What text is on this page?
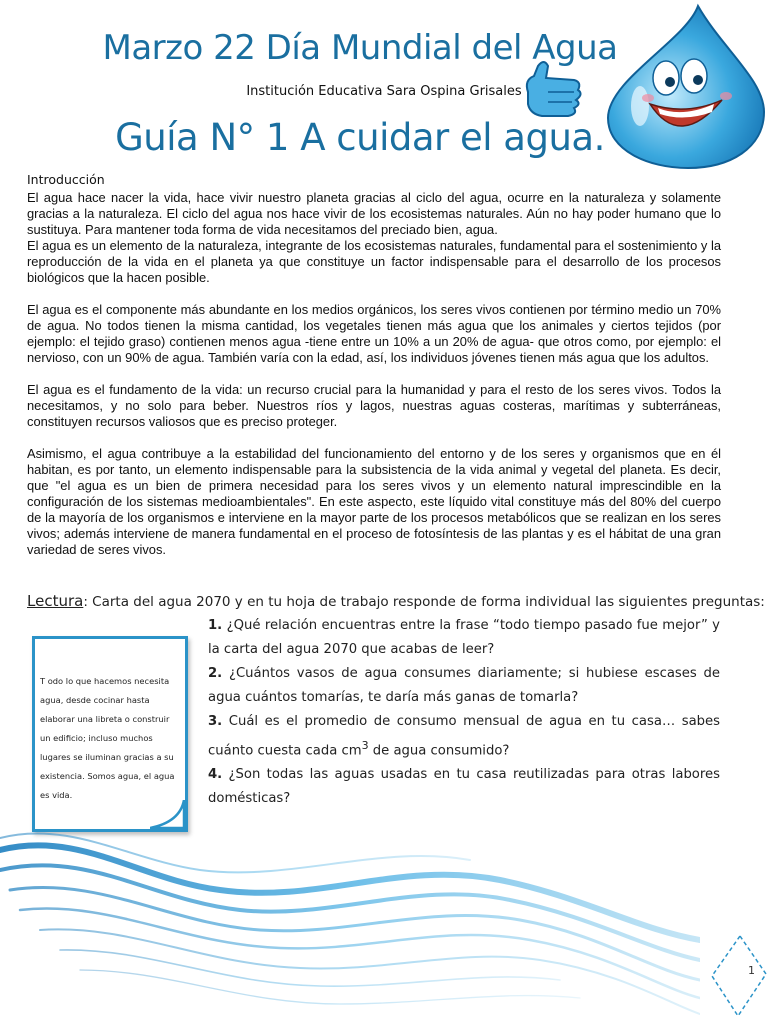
Marzo 22 Día Mundial del Agua
Institución Educativa Sara Ospina Grisales
Guía N° 1 A cuidar el agua.
Introducción

El agua hace nacer la vida, hace vivir nuestro planeta gracias al ciclo del agua, ocurre en la naturaleza y solamente gracias a la naturaleza. El ciclo del agua nos hace vivir de los ecosistemas naturales. Aún no hay poder humano que lo sustituya. Para mantener toda forma de vida necesitamos del preciado bien, agua.

El agua es un elemento de la naturaleza, integrante de los ecosistemas naturales, fundamental para el sostenimiento y la reproducción de la vida en el planeta ya que constituye un factor indispensable para el desarrollo de los procesos biológicos que la hacen posible.

El agua es el componente más abundante en los medios orgánicos, los seres vivos contienen por término medio un 70% de agua. No todos tienen la misma cantidad, los vegetales tienen más agua que los animales y ciertos tejidos (por ejemplo: el tejido graso) contienen menos agua -tiene entre un 10% a un 20% de agua- que otros como, por ejemplo: el nervioso, con un 90% de agua. También varía con la edad, así, los individuos jóvenes tienen más agua que los adultos.

El agua es el fundamento de la vida: un recurso crucial para la humanidad y para el resto de los seres vivos. Todos la necesitamos, y no solo para beber. Nuestros ríos y lagos, nuestras aguas costeras, marítimas y subterráneas, constituyen recursos valiosos que es preciso proteger.

Asimismo, el agua contribuye a la estabilidad del funcionamiento del entorno y de los seres y organismos que en él habitan, es por tanto, un elemento indispensable para la subsistencia de la vida animal y vegetal del planeta. Es decir, que "el agua es un bien de primera necesidad para los seres vivos y un elemento natural imprescindible en la configuración de los sistemas medioambientales". En este aspecto, este líquido vital constituye más del 80% del cuerpo de la mayoría de los organismos e interviene en la mayor parte de los procesos metabólicos que se realizan en los seres vivos; además interviene de manera fundamental en el proceso de fotosíntesis de las plantas y es el hábitat de una gran variedad de seres vivos.

Lectura: Carta del agua 2070 y en tu hoja de trabajo responde de forma individual las siguientes preguntas:

1. ¿Qué relación encuentras entre la frase “todo tiempo pasado fue mejor” y la carta del agua 2070 que acabas de leer?

2. ¿Cuántos vasos de agua consumes diariamente; si hubiese escases de agua cuántos tomarías, te daría más ganas de tomarla?

3. Cuál es el promedio de consumo mensual de agua en tu casa… sabes cuánto cuesta cada $cm^3$ de agua consumido?

4. ¿Son todas las aguas usadas en tu casa reutilizadas para otras labores domésticas?

T odo lo que hacemos necesita agua, desde cocinar hasta elaborar una libreta o construir un edificio; incluso muchos lugares se iluminan gracias a su existencia. Somos agua, el agua es vida.
1
